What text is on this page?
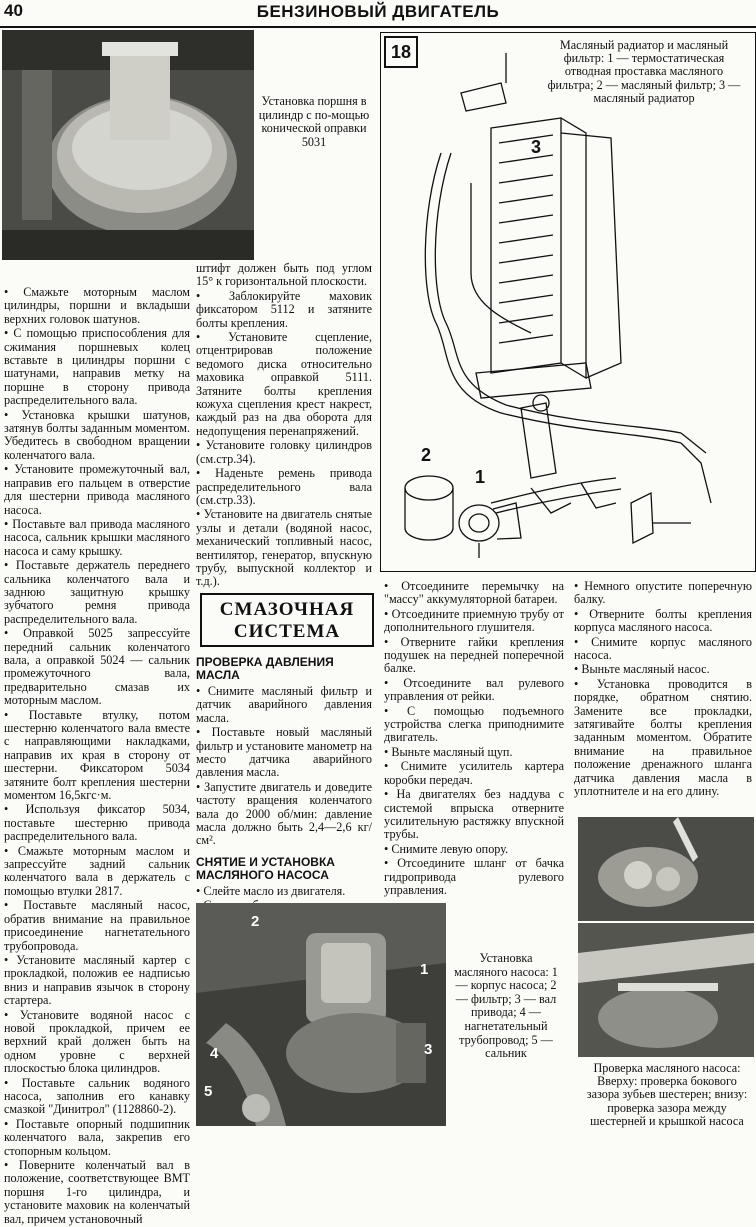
40	БЕНЗИНОВЫЙ ДВИГАТЕЛЬ
Установка поршня в цилиндр с по-мощью конической оправки 5031

• Смажьте моторным маслом цилиндры, поршни и вкладыши верхних головок шатунов.

• С помощью приспособления для сжимания поршневых колец вставьте в цилиндры поршни с шатунами, направив метку на поршне в сторону привода распределительного вала.

• Установка крышки шатунов, затянув болты заданным моментом. Убедитесь в свободном вращении коленчатого вала.

• Установите промежуточный вал, направив его пальцем в отверстие для шестерни привода масляного насоса.

• Поставьте вал привода масляного насоса, сальник крышки масляного насоса и саму крышку.

• Поставьте держатель переднего сальника коленчатого вала и заднюю защитную крышку зубчатого ремня привода распределительного вала.

• Оправкой 5025 запрессуйте передний сальник коленчатого вала, а оправкой 5024 — сальник промежуточного вала, предварительно смазав их моторным маслом.

• Поставьте втулку, потом шестерню коленчатого вала вместе с направляющими накладками, направив их края в сторону от шестерни. Фиксатором 5034 затяните болт крепления шестерни моментом 16,5кгс·м.

• Используя фиксатор 5034, поставьте шестерню привода распределительного вала.

• Смажьте моторным маслом и запрессуйте задний сальник коленчатого вала в держатель с помощью втулки 2817.

• Поставьте масляный насос, обратив внимание на правильное присоединение нагнетательного трубопровода.

• Установите масляный картер с прокладкой, положив ее надписью вниз и направив язычок в сторону стартера.

• Установите водяной насос с новой прокладкой, причем ее верхний край должен быть на одном уровне с верхней плоскостью блока цилиндров.

• Поставьте сальник водяного насоса, заполнив его канавку смазкой "Динитрол" (1128860-2).

• Поставьте опорный подшипник коленчатого вала, закрепив его стопорным кольцом.

• Поверните коленчатый вал в положение, соответствующее ВМТ поршня 1-го цилиндра, и установите маховик на коленчатый вал, причем установочный

штифт должен быть под углом 15° к горизонтальной плоскости.

• Заблокируйте маховик фиксатором 5112 и затяните болты крепления.

• Установите сцепление, отцентрировав положение ведомого диска относительно маховика оправкой 5111. Затяните болты крепления кожуха сцепления крест накрест, каждый раз на два оборота для недопущения перенапряжений.

• Установите головку цилиндров (см.стр.34).

• Наденьте ремень привода распределительного вала (см.стр.33).

• Установите на двигатель снятые узлы и детали (водяной насос, механический топливный насос, вентилятор, генератор, впускную трубу, выпускной коллектор и т.д.).

СМАЗОЧНАЯ
СИСТЕМА

ПРОВЕРКА ДАВЛЕНИЯ МАСЛА

• Снимите масляный фильтр и датчик аварийного давления масла.

• Поставьте новый масляный фильтр и установите манометр на место датчика аварийного давления масла.

• Запустите двигатель и доведите частоту вращения коленчатого вала до 2000 об/мин: давление масла должно быть 2,4—2,6 кг/см².

СНЯТИЕ И УСТАНОВКА МАСЛЯНОГО НАСОСА

• Слейте масло из двигателя.

18	Масляный радиатор и масляный фильтр: 1 — термостатическая отводная проставка масляного фильтра; 2 — масляный фильтр; 3 — масляный радиатор
3
2
1

• Отсоедините перемычку на "массу" аккумуляторной батареи.

• Отсоедините приемную трубу от дополнительного глушителя.

• Отверните гайки крепления подушек на передней поперечной балке.

• Отсоедините вал рулевого управления от рейки.

• С помощью подъемного устройства слегка приподнимите двигатель.

• Выньте масляный щуп.

• Снимите усилитель картера коробки передач.

• На двигателях без наддува с системой впрыска отверните усилительную растяжку впускной трубы.

• Снимите левую опору.

• Отсоедините шланг от бачка гидропривода рулевого управления.

• Немного опустите поперечную балку.

• Отверните болты крепления корпуса масляного насоса.

• Снимите корпус масляного насоса.

• Выньте масляный насос.

• Установка проводится в порядке, обратном снятию. Замените все прокладки, затягивайте болты крепления заданным моментом. Обратите внимание на правильное положение дренажного шланга датчика давления масла в уплотнителе и на его длину.

2
1
4	3
5
Установка масляного насоса: 1 — корпус насоса; 2 — фильтр; 3 — вал привода; 4 — нагнетательный трубопровод; 5 — сальник
Проверка масляного насоса: Вверху: проверка бокового зазора зубьев шестерен; внизу: проверка зазора между шестерней и крышкой насоса
